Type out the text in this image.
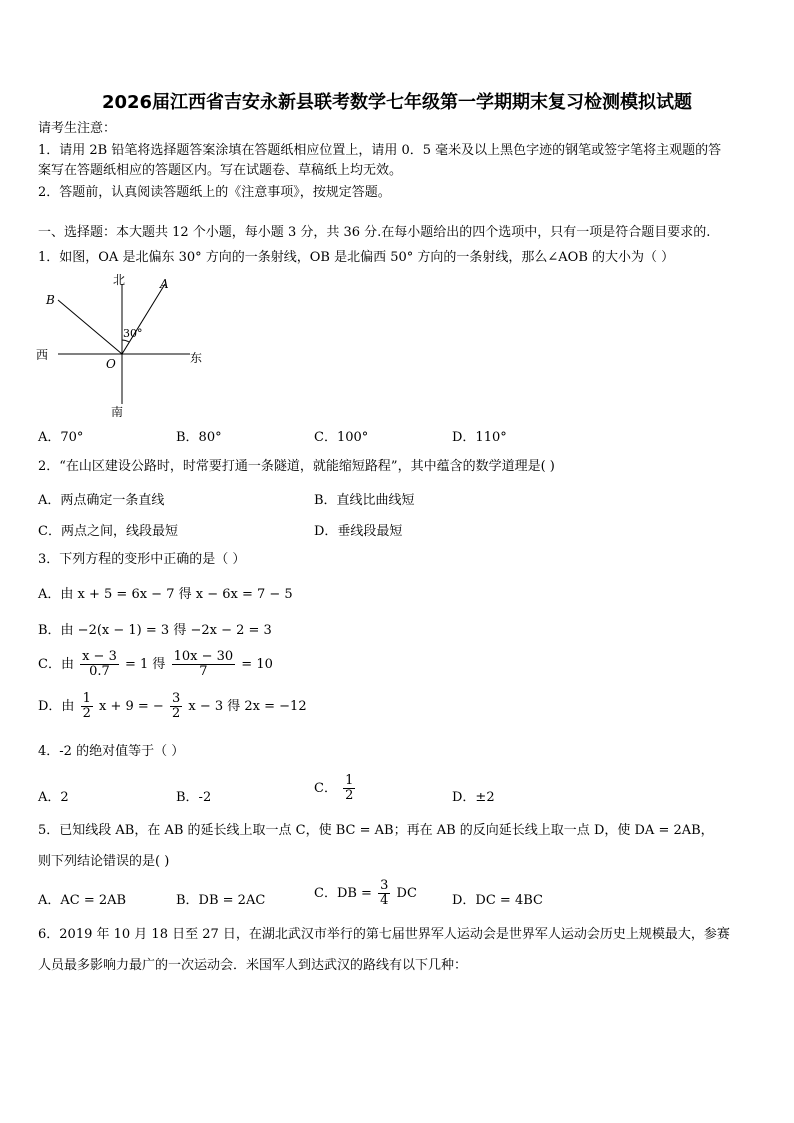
2026届江西省吉安永新县联考数学七年级第一学期期末复习检测模拟试题
请考生注意：
1．请用 2B 铅笔将选择题答案涂填在答题纸相应位置上，请用 0．5 毫米及以上黑色字迹的钢笔或签字笔将主观题的答
案写在答题纸相应的答题区内。写在试题卷、草稿纸上均无效。
2．答题前，认真阅读答题纸上的《注意事项》，按规定答题。
一、选择题：本大题共 12 个小题，每小题 3 分，共 36 分.在每小题给出的四个选项中，只有一项是符合题目要求的.
1．如图，OA 是北偏东 30° 方向的一条射线，OB 是北偏西 50° 方向的一条射线，那么∠AOB 的大小为（ ）
北
南
西	东
A
B
O
30°
A．70°	B．80°	C．100°	D．110°
2．“在山区建设公路时，时常要打通一条隧道，就能缩短路程”，其中蕴含的数学道理是( )
A．两点确定一条直线	B．直线比曲线短
C．两点之间，线段最短	D．垂线段最短
3．下列方程的变形中正确的是（ ）
A．由 x + 5 = 6x − 7 得 x − 6x = 7 − 5
B．由 −2(x − 1) = 3 得 −2x − 2 = 3
C．由 $\frac{x - 3}{0.7} = 1$ 得 $\frac{10x - 30}{7} = 10$
D．由 $\frac{1}{2}$ x + 9 = − $\frac{3}{2}$ x − 3 得 2x = −12
4．-2 的绝对值等于（ ）
A．2	B．-2
C． $\frac{1}{2}$	D．±2
5．已知线段 AB，在 AB 的延长线上取一点 C，使 BC = AB；再在 AB 的反向延长线上取一点 D，使 DA = 2AB，
则下列结论错误的是( )
A．AC = 2AB	B．DB = 2AC	C．DB = $\frac{3}{4}$ DC	D．DC = 4BC
6．2019 年 10 月 18 日至 27 日，在湖北武汉市举行的第七届世界军人运动会是世界军人运动会历史上规模最大，参赛
人员最多影响力最广的一次运动会．米国军人到达武汉的路线有以下几种：
